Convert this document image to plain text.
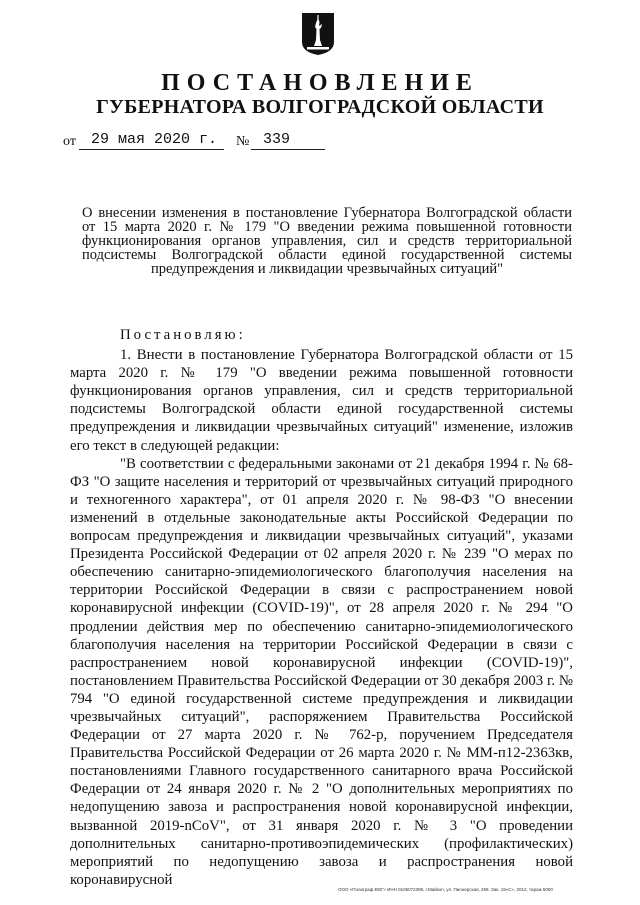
ПОСТАНОВЛЕНИЕ
ГУБЕРНАТОРА ВОЛГОГРАДСКОЙ ОБЛАСТИ
от	29 мая 2020 г.	№ 339
О внесении изменения в постановление Губернатора Волгоградской области от 15 марта 2020 г. № 179 "О введении режима повышенной готовности функционирования органов управления, сил и средств территориальной подсистемы Волгоградской области единой государственной системы предупреждения и ликвидации чрезвычайных ситуаций"

Постановляю:

1. Внести в постановление Губернатора Волгоградской области от 15 марта 2020 г. № 179 "О введении режима повышенной готовности функционирования органов управления, сил и средств территориальной подсистемы Волгоградской области единой государственной системы предупреждения и ликвидации чрезвычайных ситуаций" изменение, изложив его текст в следующей редакции:

"В соответствии с федеральными законами от 21 декабря 1994 г. № 68-ФЗ "О защите населения и территорий от чрезвычайных ситуаций природного и техногенного характера", от 01 апреля 2020 г. № 98-ФЗ "О внесении изменений в отдельные законодательные акты Российской Федерации по вопросам предупреждения и ликвидации чрезвычайных ситуаций", указами Президента Российской Федерации от 02 апреля 2020 г. № 239 "О мерах по обеспечению санитарно-эпидемиологического благополучия населения на территории Российской Федерации в связи с распространением новой коронавирусной инфекции (COVID-19)", от 28 апреля 2020 г. № 294 "О продлении действия мер по обеспечению санитарно-эпидемиологического благополучия населения на территории Российской Федерации в связи с распространением новой коронавирусной инфекции (COVID-19)", постановлением Правительства Российской Федерации от 30 декабря 2003 г. № 794 "О единой государственной системе предупреждения и ликвидации чрезвычайных ситуаций", распоряжением Правительства Российской Федерации от 27 марта 2020 г. № 762-р, поручением Председателя Правительства Российской Федерации от 26 марта 2020 г. № ММ-п12-2363кв, постановлениями Главного государственного санитарного врача Российской Федерации от 24 января 2020 г. № 2 "О дополнительных мероприятиях по недопущению завоза и распространения новой коронавирусной инфекции, вызванной 2019-nCoV", от 31 января 2020 г. № 3 "О проведении дополнительных санитарно-противоэпидемических (профилактических) мероприятий по недопущению завоза и распространения новой коронавирусной

ООО «Полиграф-ВОГ» ИНН 0105072399, г.Майкоп, ул. Пионерская, 268. Зак. 19«С», 2012, тираж 5000
